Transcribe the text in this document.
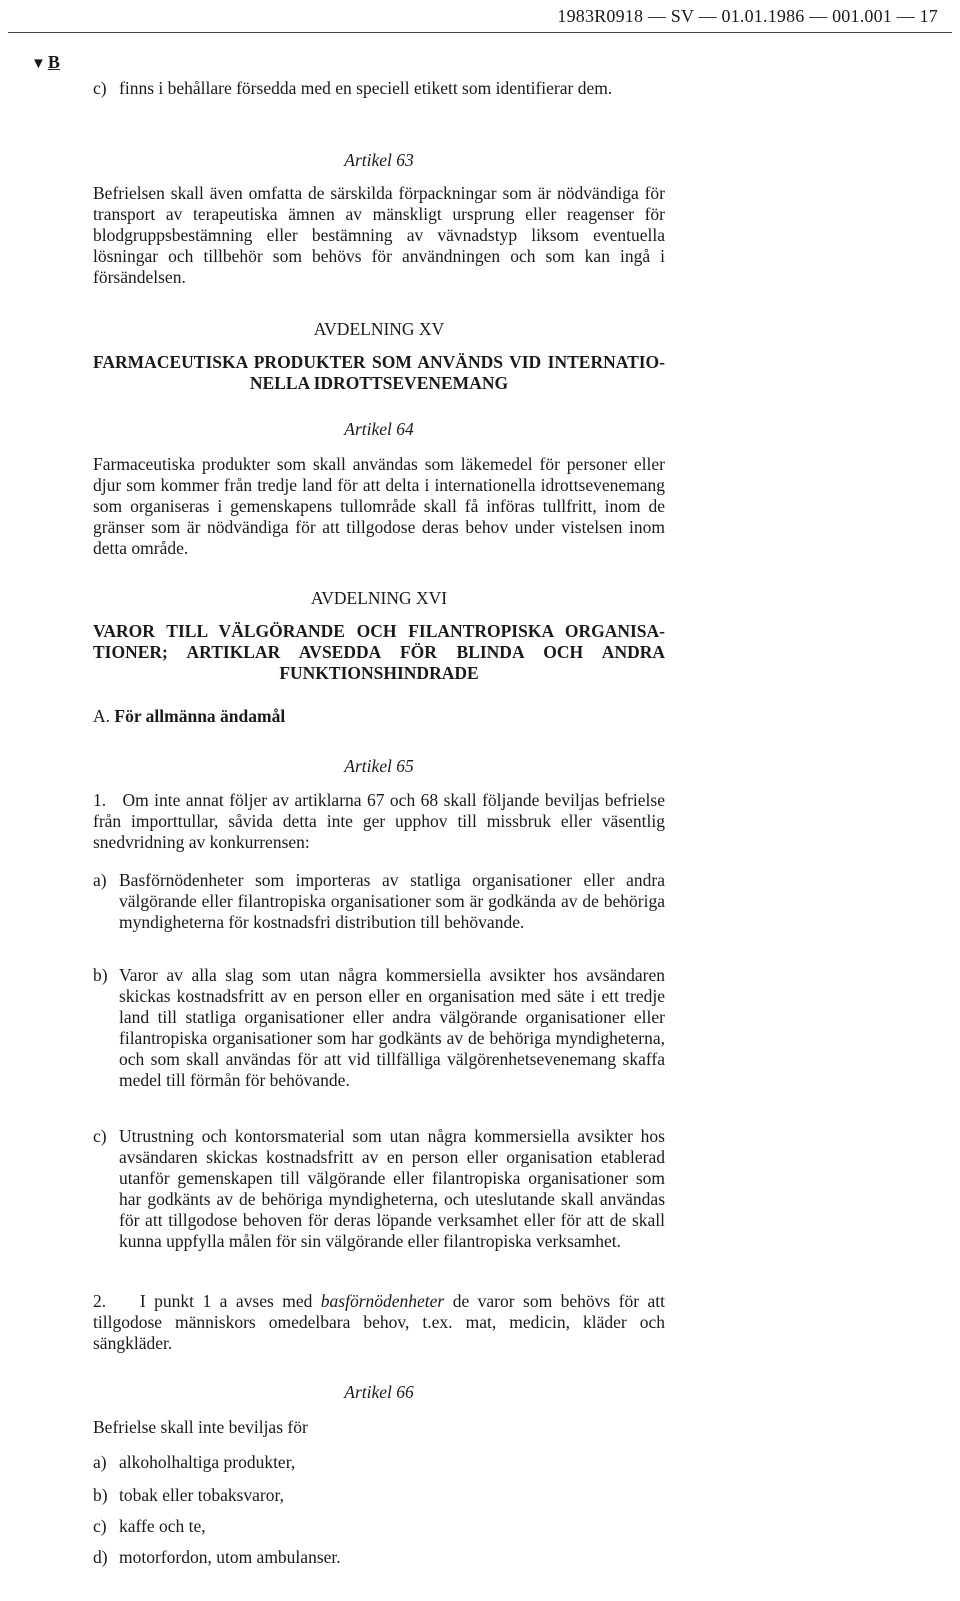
1983R0918 — SV — 01.01.1986 — 001.001 — 17
▼ B
c) finns i behållare försedda med en speciell etikett som identifierar dem.
Artikel 63
Befrielsen skall även omfatta de särskilda förpackningar som är nödvändiga för transport av terapeutiska ämnen av mänskligt ursprung eller reagenser för blodgruppsbestämning eller bestämning av vävnadstyp liksom eventuella lösningar och tillbehör som behövs för användningen och som kan ingå i försändelsen.
AVDELNING XV
FARMACEUTISKA PRODUKTER SOM ANVÄNDS VID INTERNATIO-
NELLA IDROTTSEVENEMANG
Artikel 64
Farmaceutiska produkter som skall användas som läkemedel för personer eller djur som kommer från tredje land för att delta i internationella idrottsevenemang som organiseras i gemenskapens tullområde skall få införas tullfritt, inom de gränser som är nödvändiga för att tillgodose deras behov under vistelsen inom detta område.
AVDELNING XVI
VAROR TILL VÄLGÖRANDE OCH FILANTROPISKA ORGANISA-
TIONER; ARTIKLAR AVSEDDA FÖR BLINDA OCH ANDRA
FUNKTIONSHINDRADE
A. För allmänna ändamål
Artikel 65
1. Om inte annat följer av artiklarna 67 och 68 skall följande beviljas befrielse från importtullar, såvida detta inte ger upphov till missbruk eller väsentlig snedvridning av konkurrensen:
a) Basförnödenheter som importeras av statliga organisationer eller andra välgörande eller filantropiska organisationer som är godkända av de behöriga myndigheterna för kostnadsfri distribution till behövande.
b) Varor av alla slag som utan några kommersiella avsikter hos avsändaren skickas kostnadsfritt av en person eller en organisation med säte i ett tredje land till statliga organisationer eller andra välgörande organisationer eller filantropiska organisationer som har godkänts av de behöriga myndigheterna, och som skall användas för att vid tillfälliga välgörenhetsevenemang skaffa medel till förmån för behövande.
c) Utrustning och kontorsmaterial som utan några kommersiella avsikter hos avsändaren skickas kostnadsfritt av en person eller organisation etablerad utanför gemenskapen till välgörande eller filantropiska organisationer som har godkänts av de behöriga myndigheterna, och uteslutande skall användas för att tillgodose behoven för deras löpande verksamhet eller för att de skall kunna uppfylla målen för sin välgörande eller filantropiska verksamhet.
2. I punkt 1 a avses med basförnödenheter de varor som behövs för att tillgodose människors omedelbara behov, t.ex. mat, medicin, kläder och sängkläder.
Artikel 66
Befrielse skall inte beviljas för
a) alkoholhaltiga produkter,
b) tobak eller tobaksvaror,
c) kaffe och te,
d) motorfordon, utom ambulanser.
